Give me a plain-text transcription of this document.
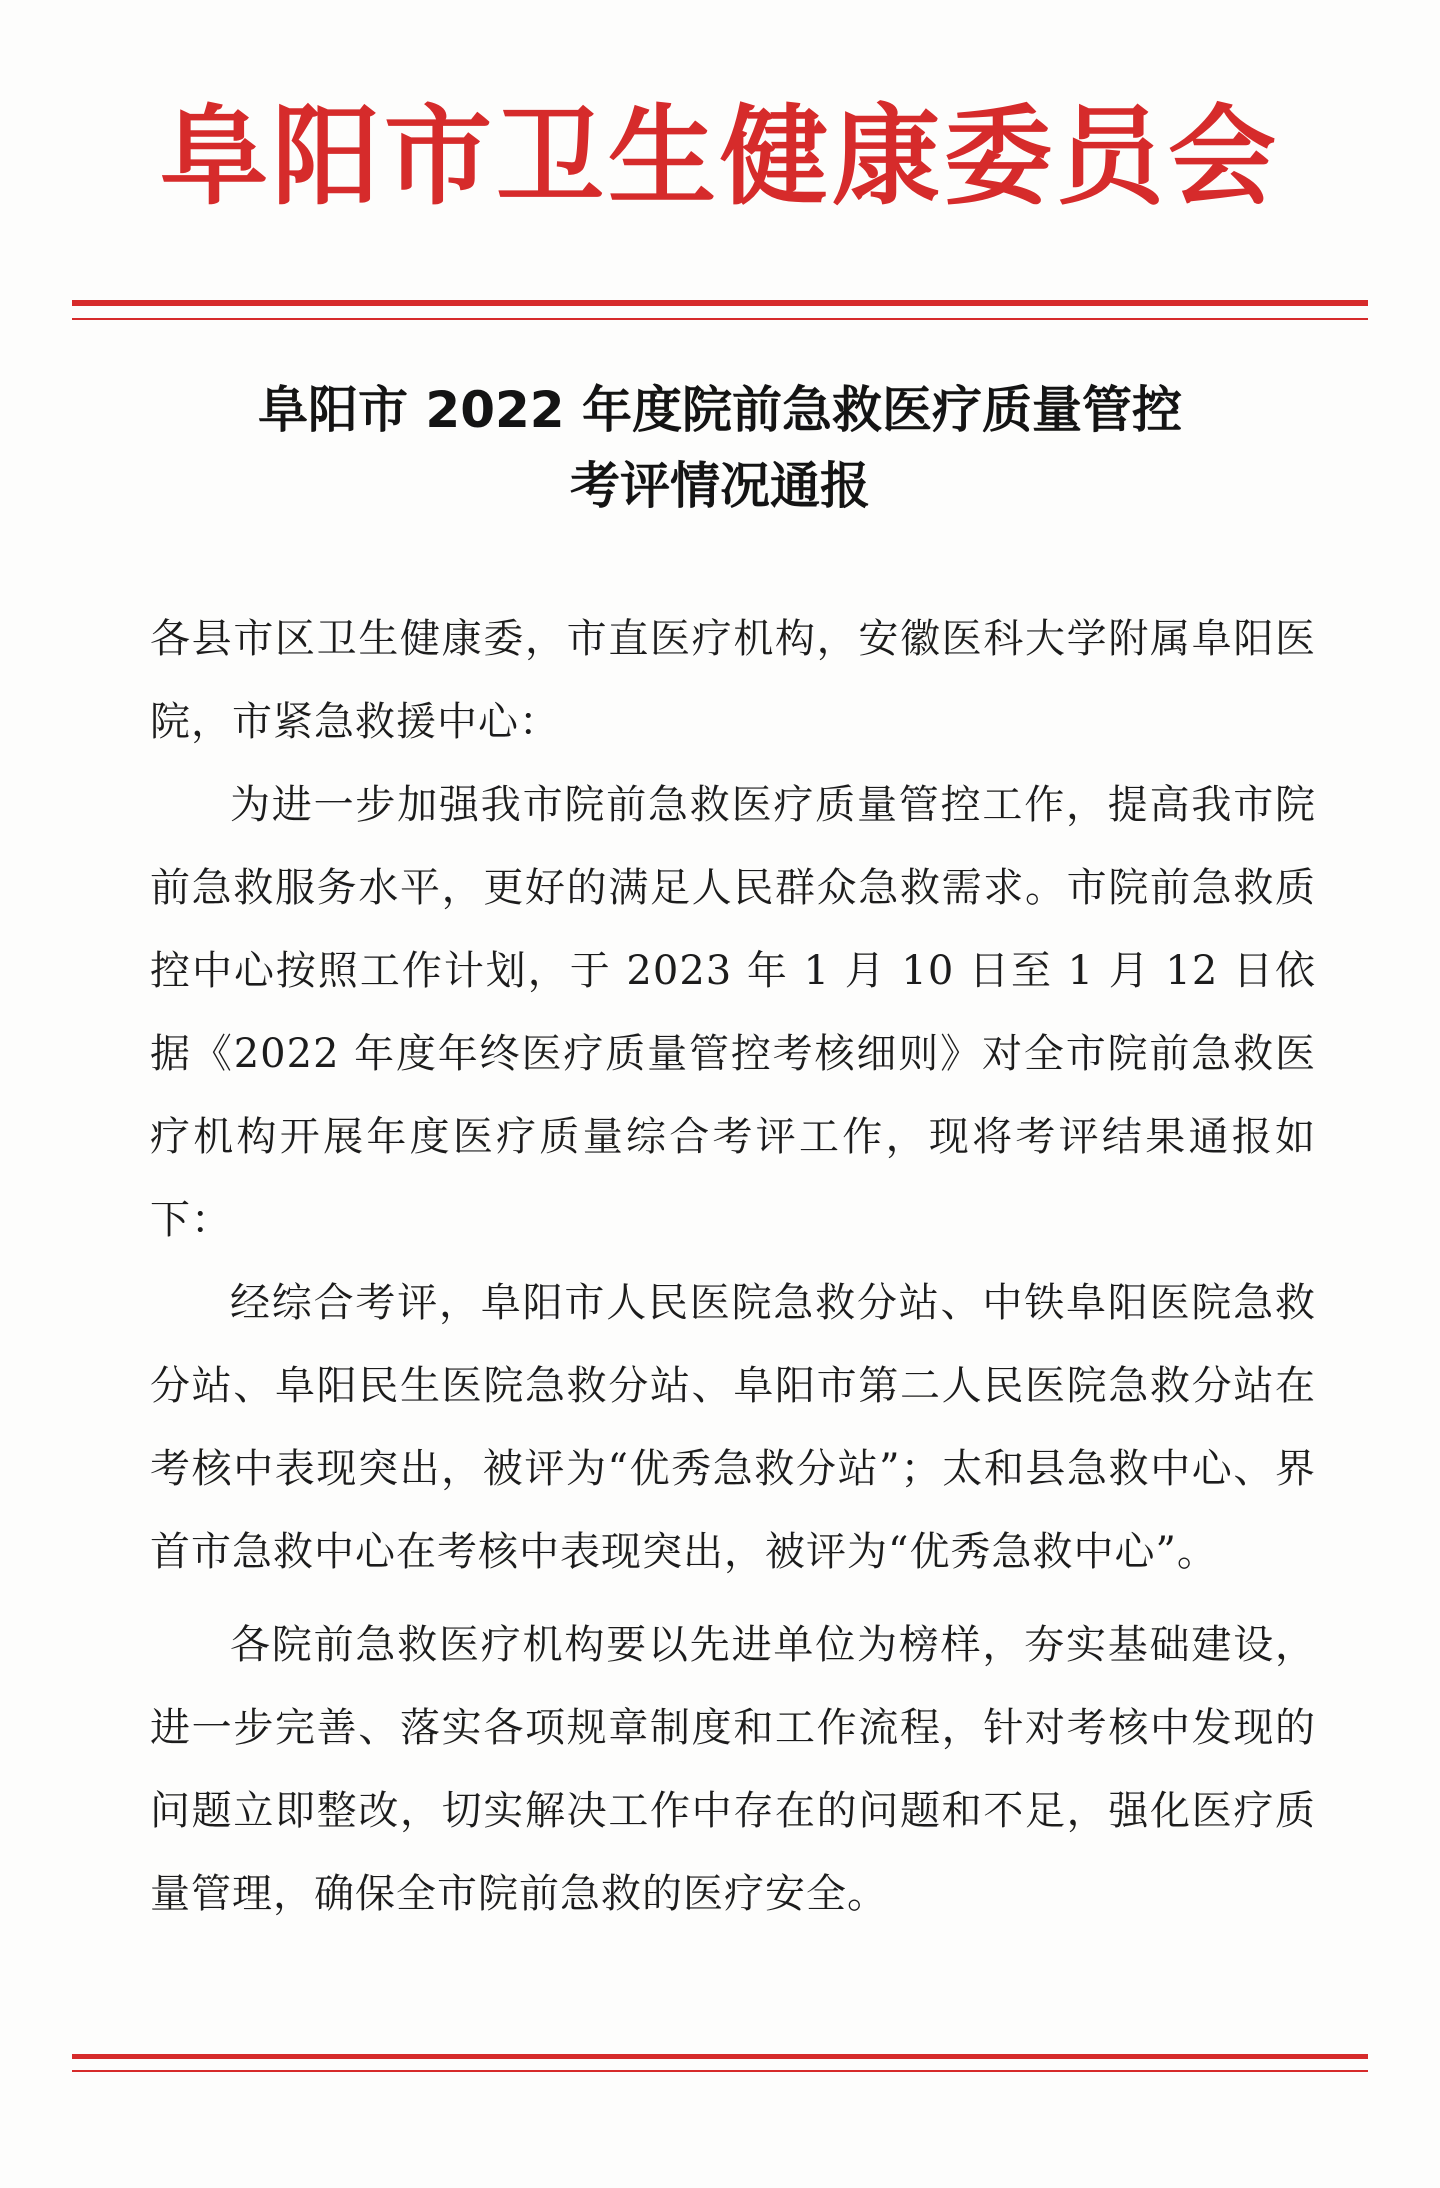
阜阳市卫生健康委员会
阜阳市 2022 年度院前急救医疗质量管控
考评情况通报

各县市区卫生健康委，市直医疗机构，安徽医科大学附属阜阳医院，市紧急救援中心：

为进一步加强我市院前急救医疗质量管控工作，提高我市院前急救服务水平，更好的满足人民群众急救需求。市院前急救质控中心按照工作计划，于 2023 年 1 月 10 日至 1 月 12 日依据《2022 年度年终医疗质量管控考核细则》对全市院前急救医疗机构开展年度医疗质量综合考评工作，现将考评结果通报如下：

经综合考评，阜阳市人民医院急救分站、中铁阜阳医院急救分站、阜阳民生医院急救分站、阜阳市第二人民医院急救分站在考核中表现突出，被评为“优秀急救分站”；太和县急救中心、界首市急救中心在考核中表现突出，被评为“优秀急救中心”。

各院前急救医疗机构要以先进单位为榜样，夯实基础建设，进一步完善、落实各项规章制度和工作流程，针对考核中发现的问题立即整改，切实解决工作中存在的问题和不足，强化医疗质量管理，确保全市院前急救的医疗安全。
